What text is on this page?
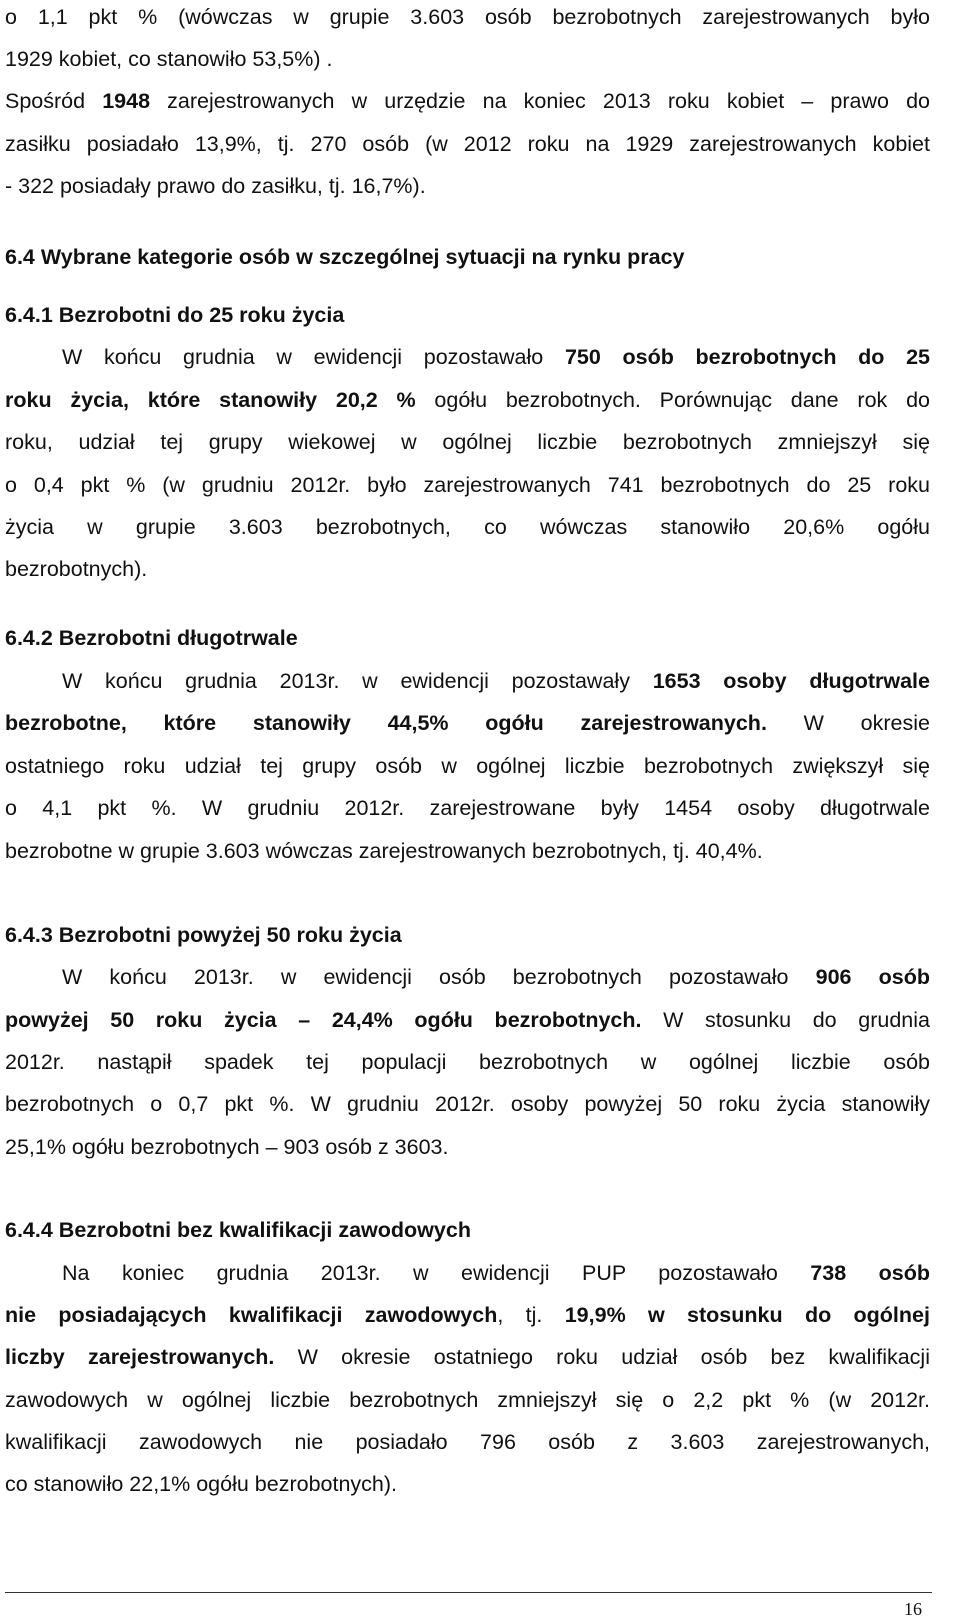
o 1,1 pkt % (wówczas w grupie 3.603 osób bezrobotnych zarejestrowanych było
1929 kobiet, co stanowiło 53,5%) .
Spośród 1948 zarejestrowanych w urzędzie na koniec 2013 roku kobiet – prawo do
zasiłku posiadało 13,9%, tj. 270 osób (w 2012 roku na 1929 zarejestrowanych kobiet
- 322 posiadały prawo do zasiłku, tj. 16,7%).
6.4 Wybrane kategorie osób w szczególnej sytuacji na rynku pracy
6.4.1 Bezrobotni do 25 roku życia
W końcu grudnia w ewidencji pozostawało 750 osób bezrobotnych do 25
roku życia, które stanowiły 20,2 % ogółu bezrobotnych. Porównując dane rok do
roku, udział tej grupy wiekowej w ogólnej liczbie bezrobotnych zmniejszył się
o 0,4 pkt % (w grudniu 2012r. było zarejestrowanych 741 bezrobotnych do 25 roku
życia w grupie 3.603 bezrobotnych, co wówczas stanowiło 20,6% ogółu
bezrobotnych).
6.4.2 Bezrobotni długotrwale
W końcu grudnia 2013r. w ewidencji pozostawały 1653 osoby długotrwale
bezrobotne, które stanowiły 44,5% ogółu zarejestrowanych. W okresie
ostatniego roku udział tej grupy osób w ogólnej liczbie bezrobotnych zwiększył się
o 4,1 pkt %. W grudniu 2012r. zarejestrowane były 1454 osoby długotrwale
bezrobotne w grupie 3.603 wówczas zarejestrowanych bezrobotnych, tj. 40,4%.
6.4.3 Bezrobotni powyżej 50 roku życia
W końcu 2013r. w ewidencji osób bezrobotnych pozostawało 906 osób
powyżej 50 roku życia – 24,4% ogółu bezrobotnych. W stosunku do grudnia
2012r. nastąpił spadek tej populacji bezrobotnych w ogólnej liczbie osób
bezrobotnych o 0,7 pkt %. W grudniu 2012r. osoby powyżej 50 roku życia stanowiły
25,1% ogółu bezrobotnych – 903 osób z 3603.
6.4.4 Bezrobotni bez kwalifikacji zawodowych
Na koniec grudnia 2013r. w ewidencji PUP pozostawało 738 osób
nie posiadających kwalifikacji zawodowych, tj. 19,9% w stosunku do ogólnej
liczby zarejestrowanych. W okresie ostatniego roku udział osób bez kwalifikacji
zawodowych w ogólnej liczbie bezrobotnych zmniejszył się o 2,2 pkt % (w 2012r.
kwalifikacji zawodowych nie posiadało 796 osób z 3.603 zarejestrowanych,
co stanowiło 22,1% ogółu bezrobotnych).
16
